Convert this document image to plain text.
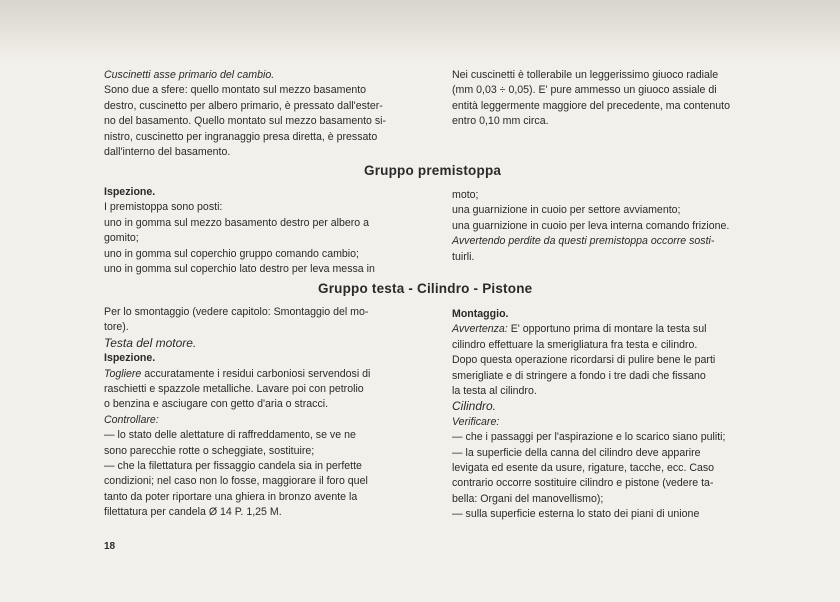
Cuscinetti asse primario del cambio.

Sono due a sfere: quello montato sul mezzo basamento

destro, cuscinetto per albero primario, è pressato dall'ester-

no del basamento. Quello montato sul mezzo basamento si-

nistro, cuscinetto per ingranaggio presa diretta, è pressato

dall'interno del basamento.

Nei cuscinetti è tollerabile un leggerissimo giuoco radiale

(mm 0,03 ÷ 0,05). E' pure ammesso un giuoco assiale di

entità leggermente maggiore del precedente, ma contenuto

entro 0,10 mm circa.

Gruppo premistoppa

Ispezione.

I premistoppa sono posti:

uno in gomma sul mezzo basamento destro per albero a

gomito;

uno in gomma sul coperchio gruppo comando cambio;

uno in gomma sul coperchio lato destro per leva messa in

moto;

una guarnizione in cuoio per settore avviamento;

una guarnizione in cuoio per leva interna comando frizione.

Avvertendo perdite da questi premistoppa occorre sosti-

tuirli.

Gruppo testa - Cilindro - Pistone

Per lo smontaggio (vedere capitolo: Smontaggio del mo-

tore).

Testa del motore.

Ispezione.

Togliere accuratamente i residui carboniosi servendosi di

raschietti e spazzole metalliche. Lavare poi con petrolio

o benzina e asciugare con getto d'aria o stracci.

Controllare:

— lo stato delle alettature di raffreddamento, se ve ne

sono parecchie rotte o scheggiate, sostituire;

— che la filettatura per fissaggio candela sia in perfette

condizioni; nel caso non lo fosse, maggiorare il foro quel

tanto da poter riportare una ghiera in bronzo avente la

filettatura per candela Ø 14 P. 1,25 M.

Montaggio.

Avvertenza: E' opportuno prima di montare la testa sul

cilindro effettuare la smerigliatura fra testa e cilindro.

Dopo questa operazione ricordarsi di pulire bene le parti

smerigliate e di stringere a fondo i tre dadi che fissano

la testa al cilindro.

Cilindro.

Verificare:

— che i passaggi per l'aspirazione e lo scarico siano puliti;

— la superficie della canna del cilindro deve apparire

levigata ed esente da usure, rigature, tacche, ecc. Caso

contrario occorre sostituire cilindro e pistone (vedere ta-

bella: Organi del manovellismo);

— sulla superficie esterna lo stato dei piani di unione

18
